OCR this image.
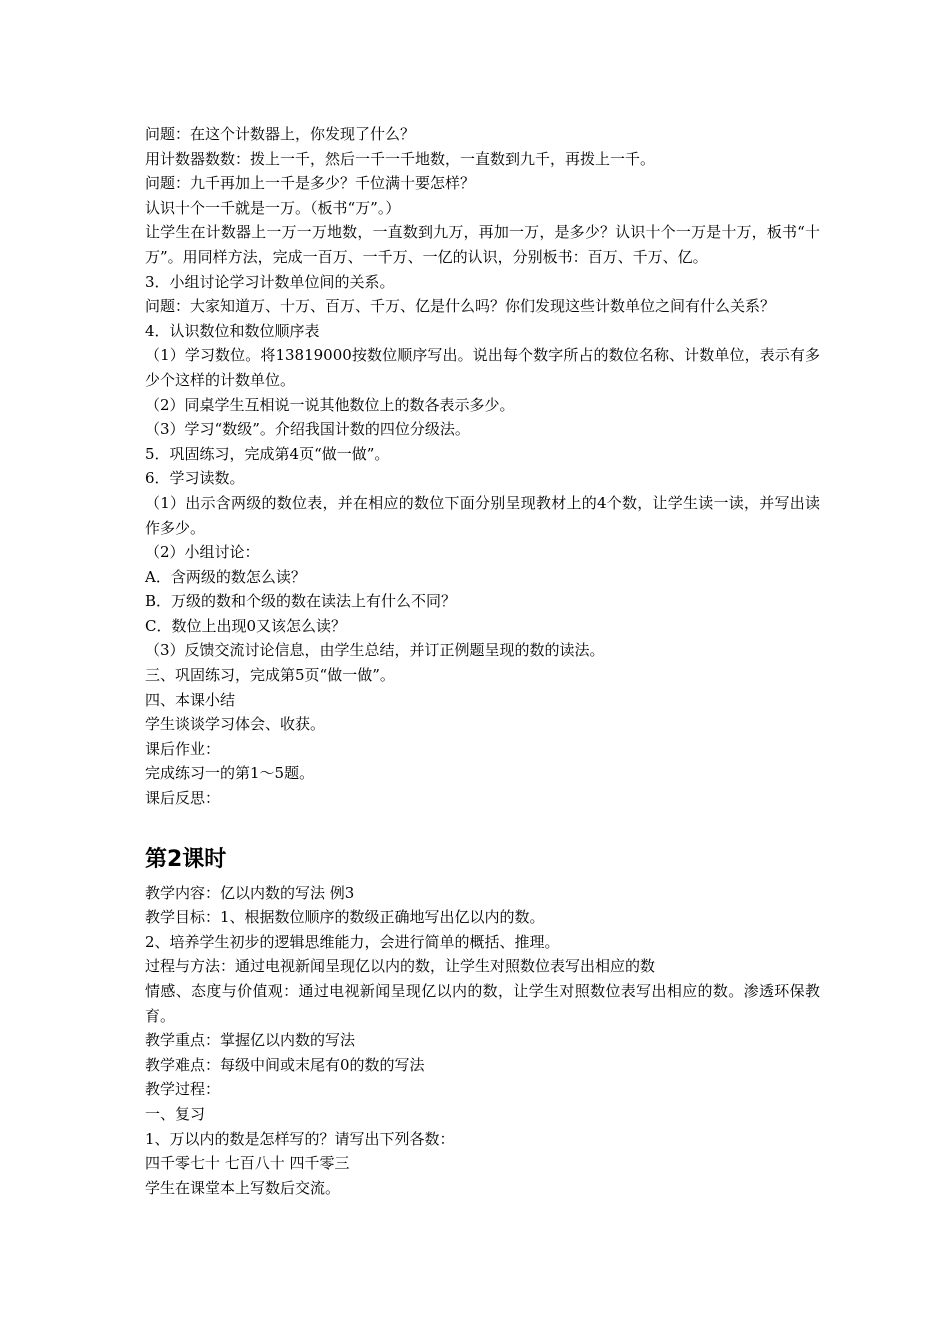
问题：在这个计数器上，你发现了什么？

用计数器数数：拨上一千，然后一千一千地数，一直数到九千，再拨上一千。

问题：九千再加上一千是多少？千位满十要怎样？

认识十个一千就是一万。（板书“万”。）

让学生在计数器上一万一万地数，一直数到九万，再加一万，是多少？认识十个一万是十万，板书“十万”。用同样方法，完成一百万、一千万、一亿的认识，分别板书：百万、千万、亿。

3．小组讨论学习计数单位间的关系。

问题：大家知道万、十万、百万、千万、亿是什么吗？你们发现这些计数单位之间有什么关系？

4．认识数位和数位顺序表

（1）学习数位。将13819000按数位顺序写出。说出每个数字所占的数位名称、计数单位，表示有多少个这样的计数单位。

（2）同桌学生互相说一说其他数位上的数各表示多少。

（3）学习“数级”。介绍我国计数的四位分级法。

5．巩固练习，完成第4页“做一做”。

6．学习读数。

（1）出示含两级的数位表，并在相应的数位下面分别呈现教材上的4个数，让学生读一读，并写出读作多少。

（2）小组讨论：

A．含两级的数怎么读？

B．万级的数和个级的数在读法上有什么不同？

C．数位上出现0又该怎么读？

（3）反馈交流讨论信息，由学生总结，并订正例题呈现的数的读法。

三、巩固练习，完成第5页“做一做”。

四、本课小结

学生谈谈学习体会、收获。

课后作业：

完成练习一的第1～5题。

课后反思：

第2课时

教学内容：亿以内数的写法 例3

教学目标：1、根据数位顺序的数级正确地写出亿以内的数。

2、培养学生初步的逻辑思维能力，会进行简单的概括、推理。

过程与方法：通过电视新闻呈现亿以内的数，让学生对照数位表写出相应的数

情感、态度与价值观：通过电视新闻呈现亿以内的数，让学生对照数位表写出相应的数。渗透环保教育。

教学重点：掌握亿以内数的写法

教学难点：每级中间或末尾有0的数的写法

教学过程：

一、复习

1、万以内的数是怎样写的？请写出下列各数：

四千零七十 七百八十 四千零三

学生在课堂本上写数后交流。
